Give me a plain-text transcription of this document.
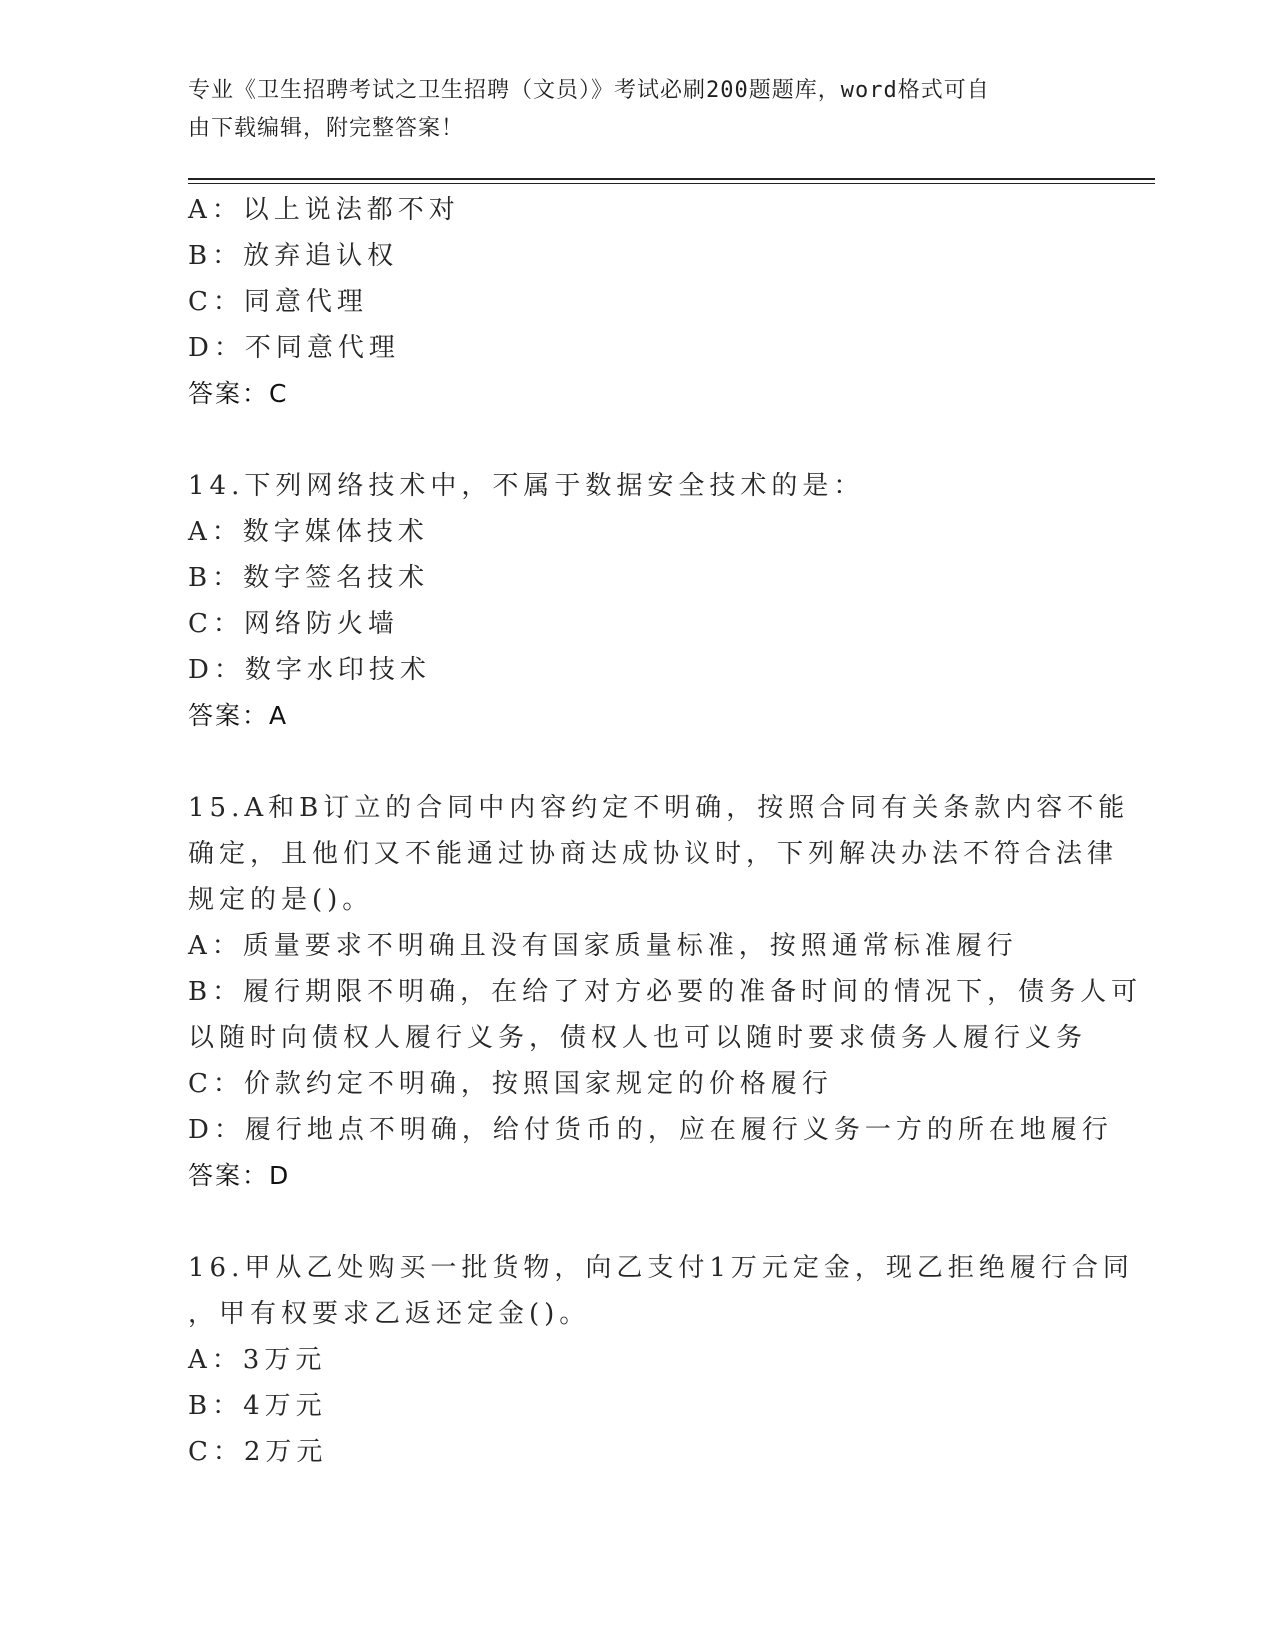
专业《卫生招聘考试之卫生招聘（文员）》考试必刷200题题库，word格式可自
由下载编辑，附完整答案！
A：以上说法都不对
B：放弃追认权
C：同意代理
D：不同意代理
答案：C
14.下列网络技术中，不属于数据安全技术的是：
A：数字媒体技术
B：数字签名技术
C：网络防火墙
D：数字水印技术
答案：A
15.A和B订立的合同中内容约定不明确，按照合同有关条款内容不能
确定，且他们又不能通过协商达成协议时，下列解决办法不符合法律
规定的是()。
A：质量要求不明确且没有国家质量标准，按照通常标准履行
B：履行期限不明确，在给了对方必要的准备时间的情况下，债务人可
以随时向债权人履行义务，债权人也可以随时要求债务人履行义务
C：价款约定不明确，按照国家规定的价格履行
D：履行地点不明确，给付货币的，应在履行义务一方的所在地履行
答案：D
16.甲从乙处购买一批货物，向乙支付1万元定金，现乙拒绝履行合同
，甲有权要求乙返还定金()。
A：3万元
B：4万元
C：2万元
